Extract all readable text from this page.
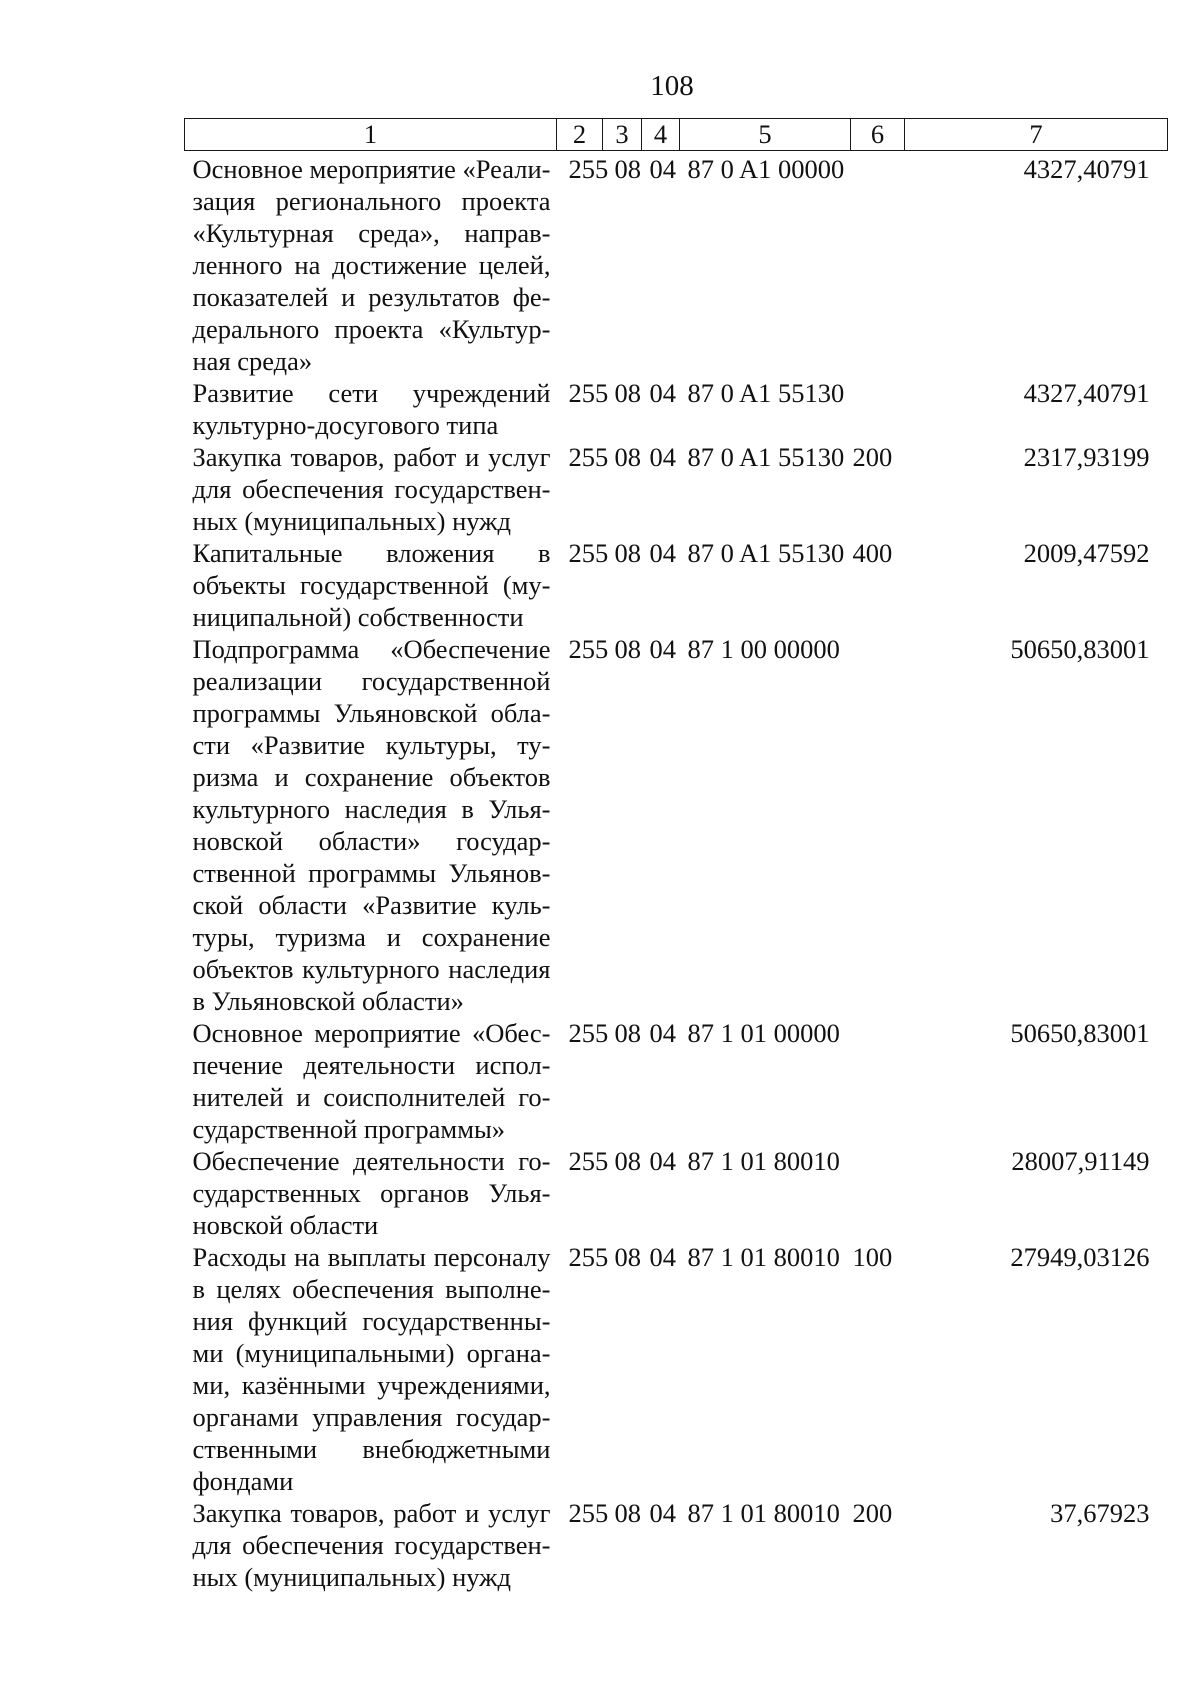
108
1	2	3	4	5	6	7
Основное мероприятие «Реализация регионального проекта «Культурная среда», направленного на достижение целей, показателей и результатов федерального проекта «Культурная среда»	255	08	04	87 0 A1 00000		4327,40791
Развитие сети учреждений культурно-досугового типа	255	08	04	87 0 A1 55130		4327,40791
Закупка товаров, работ и услуг для обеспечения государственных (муниципальных) нужд	255	08	04	87 0 A1 55130	200	2317,93199
Капитальные вложения в объекты государственной (муниципальной) собственности	255	08	04	87 0 A1 55130	400	2009,47592
Подпрограмма «Обеспечение реализации государственной программы Ульяновской области «Развитие культуры, туризма и сохранение объектов культурного наследия в Ульяновской области» государственной программы Ульяновской области «Развитие культуры, туризма и сохранение объектов культурного наследия в Ульяновской области»	255	08	04	87 1 00 00000		50650,83001
Основное мероприятие «Обеспечение деятельности исполнителей и соисполнителей государственной программы»	255	08	04	87 1 01 00000		50650,83001
Обеспечение деятельности государственных органов Ульяновской области	255	08	04	87 1 01 80010		28007,91149
Расходы на выплаты персоналу в целях обеспечения выполнения функций государственными (муниципальными) органами, казёнными учреждениями, органами управления государственными внебюджетными фондами	255	08	04	87 1 01 80010	100	27949,03126
Закупка товаров, работ и услуг для обеспечения государственных (муниципальных) нужд	255	08	04	87 1 01 80010	200	37,67923
